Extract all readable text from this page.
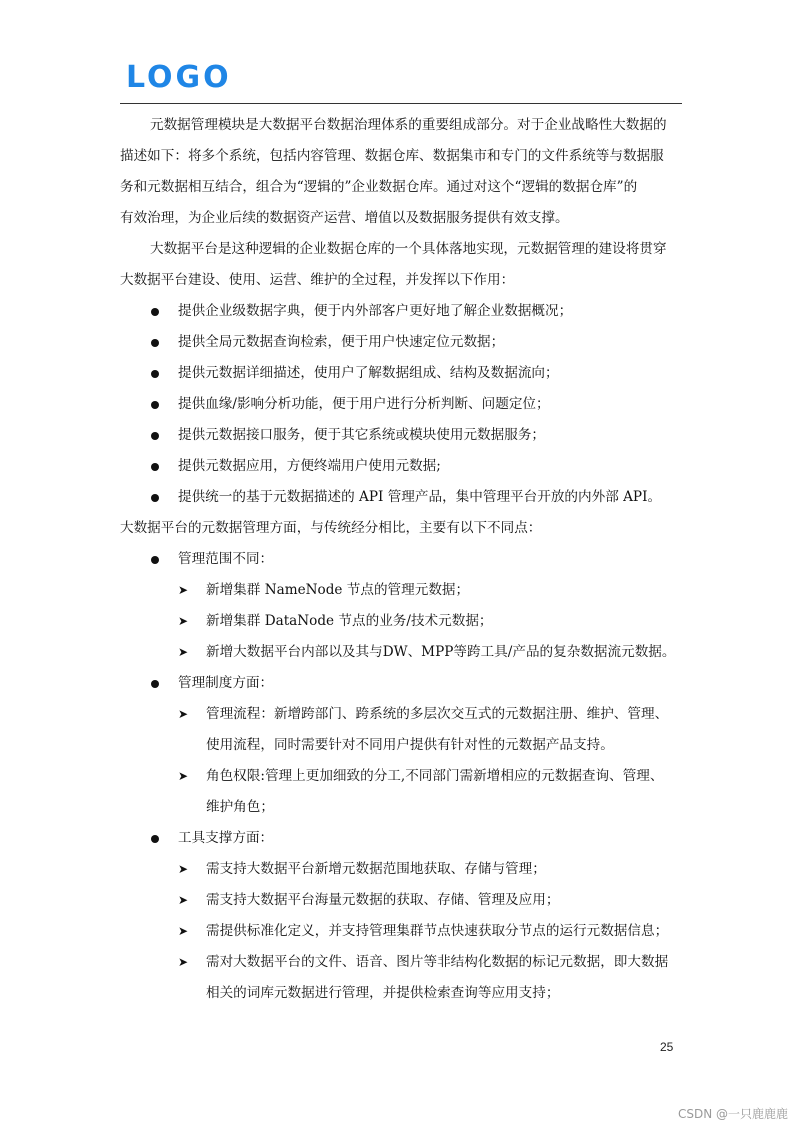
LOGO
元数据管理模块是大数据平台数据治理体系的重要组成部分。对于企业战略性大数据的
描述如下：将多个系统，包括内容管理、数据仓库、数据集市和专门的文件系统等与数据服
务和元数据相互结合，组合为“逻辑的”企业数据仓库。通过对这个“逻辑的数据仓库”的
有效治理，为企业后续的数据资产运营、增值以及数据服务提供有效支撑。
大数据平台是这种逻辑的企业数据仓库的一个具体落地实现，元数据管理的建设将贯穿
大数据平台建设、使用、运营、维护的全过程，并发挥以下作用：
提供企业级数据字典，便于内外部客户更好地了解企业数据概况；
提供全局元数据查询检索，便于用户快速定位元数据；
提供元数据详细描述，使用户了解数据组成、结构及数据流向；
提供血缘/影响分析功能，便于用户进行分析判断、问题定位；
提供元数据接口服务，便于其它系统或模块使用元数据服务；
提供元数据应用，方便终端用户使用元数据;
提供统一的基于元数据描述的 API 管理产品，集中管理平台开放的内外部 API。
大数据平台的元数据管理方面，与传统经分相比，主要有以下不同点：
管理范围不同：
➤ 新增集群 NameNode 节点的管理元数据；
➤ 新增集群 DataNode 节点的业务/技术元数据；
➤ 新增大数据平台内部以及其与DW、MPP等跨工具/产品的复杂数据流元数据。
管理制度方面：
➤ 管理流程：新增跨部门、跨系统的多层次交互式的元数据注册、维护、管理、
使用流程，同时需要针对不同用户提供有针对性的元数据产品支持。
➤ 角色权限:管理上更加细致的分工,不同部门需新增相应的元数据查询、管理、
维护角色；
工具支撑方面：
➤ 需支持大数据平台新增元数据范围地获取、存储与管理；
➤ 需支持大数据平台海量元数据的获取、存储、管理及应用；
➤ 需提供标准化定义，并支持管理集群节点快速获取分节点的运行元数据信息；
➤ 需对大数据平台的文件、语音、图片等非结构化数据的标记元数据，即大数据
相关的词库元数据进行管理，并提供检索查询等应用支持；
25
CSDN @一只鹿鹿鹿
